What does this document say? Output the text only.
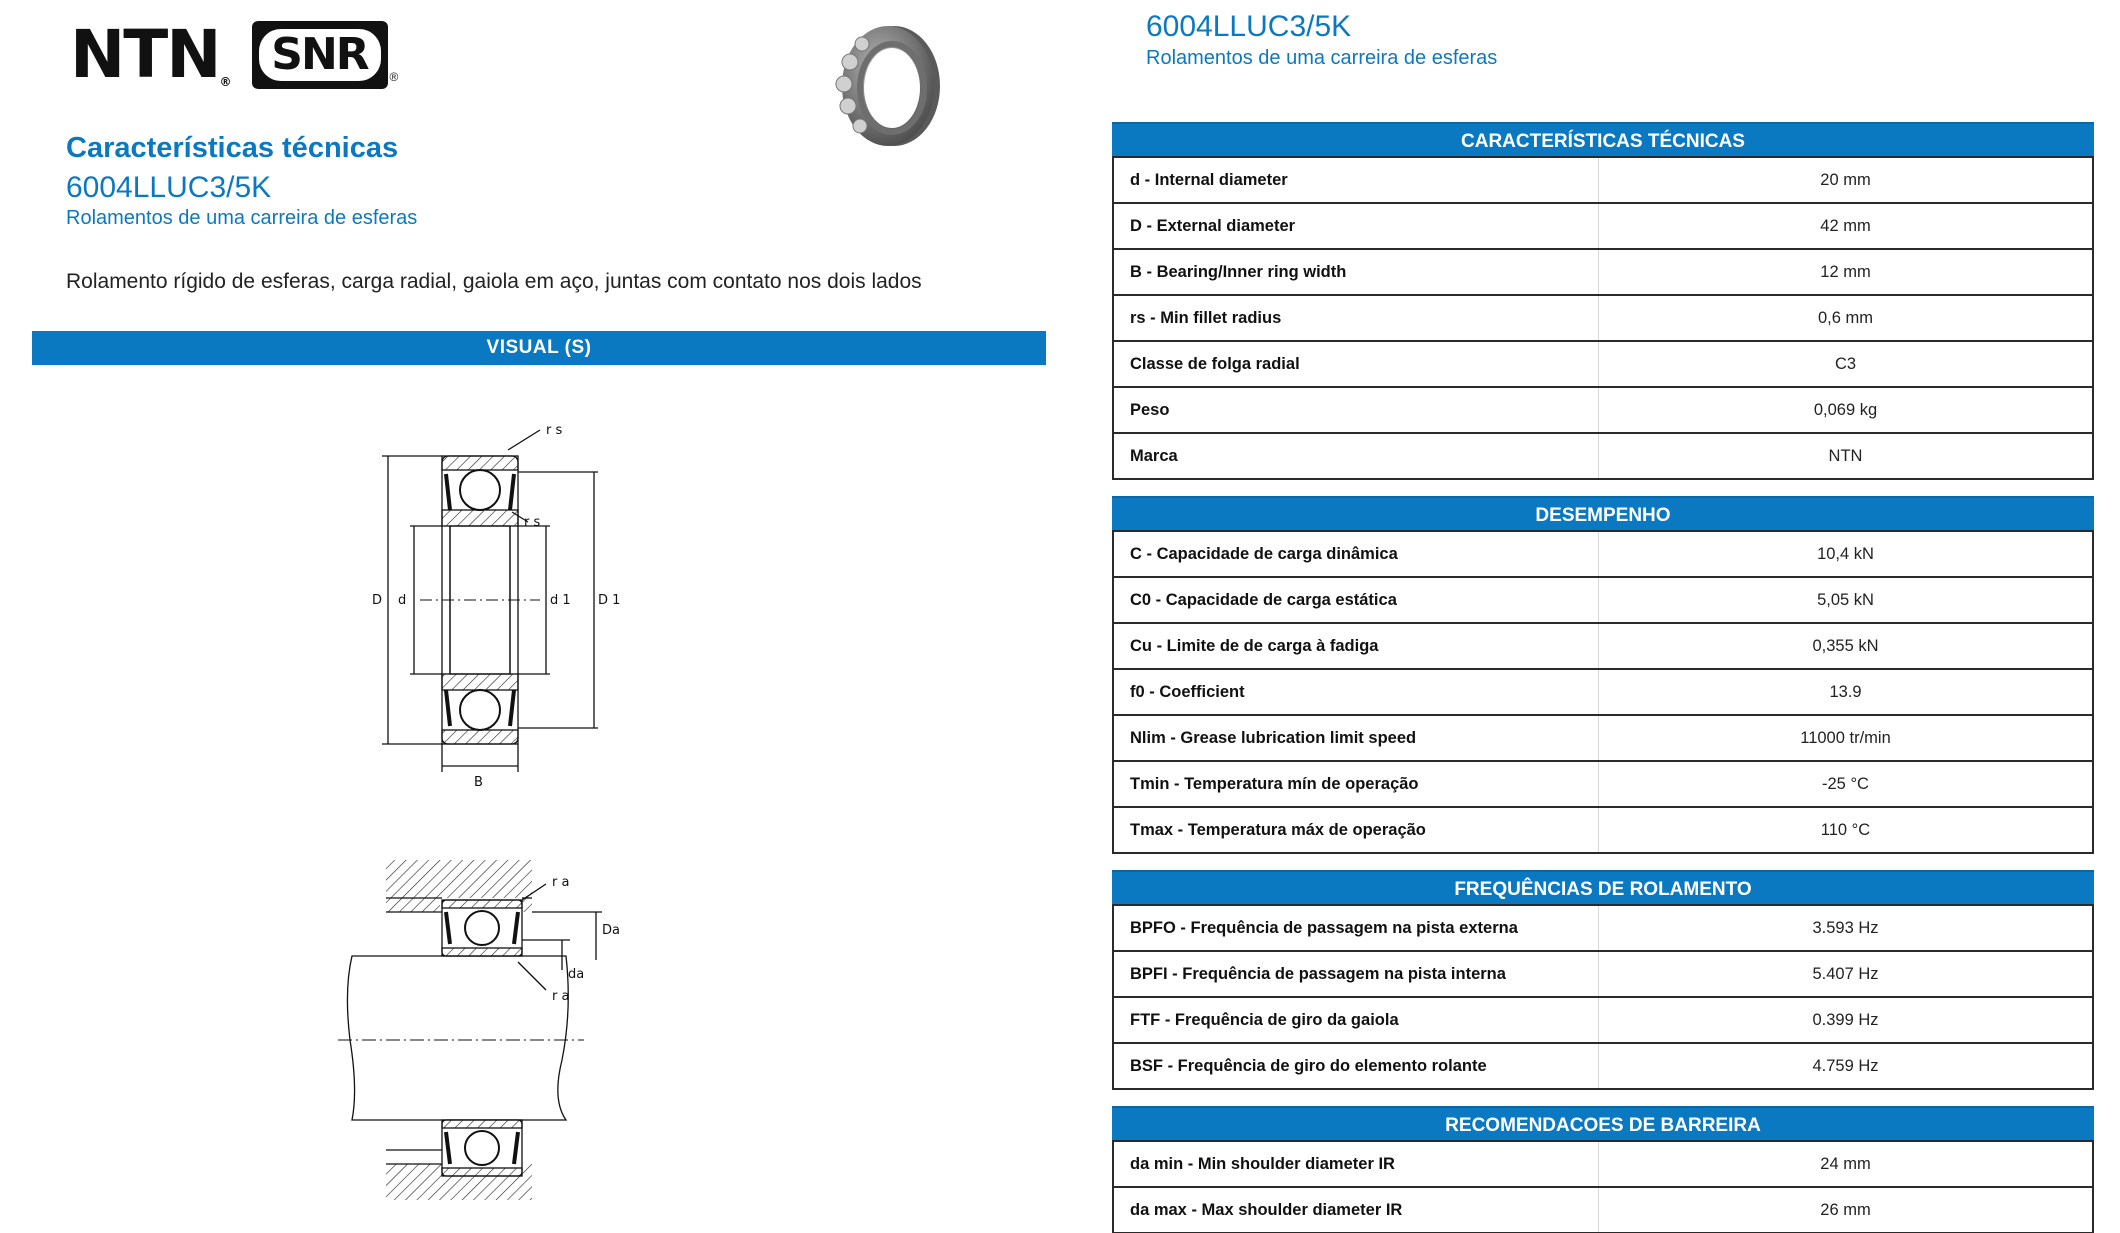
NTN®
SNR	®
Características técnicas
6004LLUC3/5K
Rolamentos de uma carreira de esferas
Rolamento rígido de esferas, carga radial, gaiola em aço, juntas com contato nos dois lados
VISUAL (S)
r s
r s
D d	d 1 D 1
B
r a
r a
Da
da
6004LLUC3/5K
Rolamentos de uma carreira de esferas
CARACTERÍSTICAS TÉCNICAS
d - Internal diameter	20 mm
D - External diameter	42 mm
B - Bearing/Inner ring width	12 mm
rs - Min fillet radius	0,6 mm
Classe de folga radial	C3
Peso	0,069 kg
Marca	NTN
DESEMPENHO
C - Capacidade de carga dinâmica	10,4 kN
C0 - Capacidade de carga estática	5,05 kN
Cu - Limite de de carga à fadiga	0,355 kN
f0 - Coefficient	13.9
Nlim - Grease lubrication limit speed	11000 tr/min
Tmin - Temperatura mín de operação	-25 °C
Tmax - Temperatura máx de operação	110 °C
FREQUÊNCIAS DE ROLAMENTO
BPFO - Frequência de passagem na pista externa	3.593 Hz
BPFI - Frequência de passagem na pista interna	5.407 Hz
FTF - Frequência de giro da gaiola	0.399 Hz
BSF - Frequência de giro do elemento rolante	4.759 Hz
RECOMENDACOES DE BARREIRA
da min - Min shoulder diameter IR	24 mm
da max - Max shoulder diameter IR	26 mm
